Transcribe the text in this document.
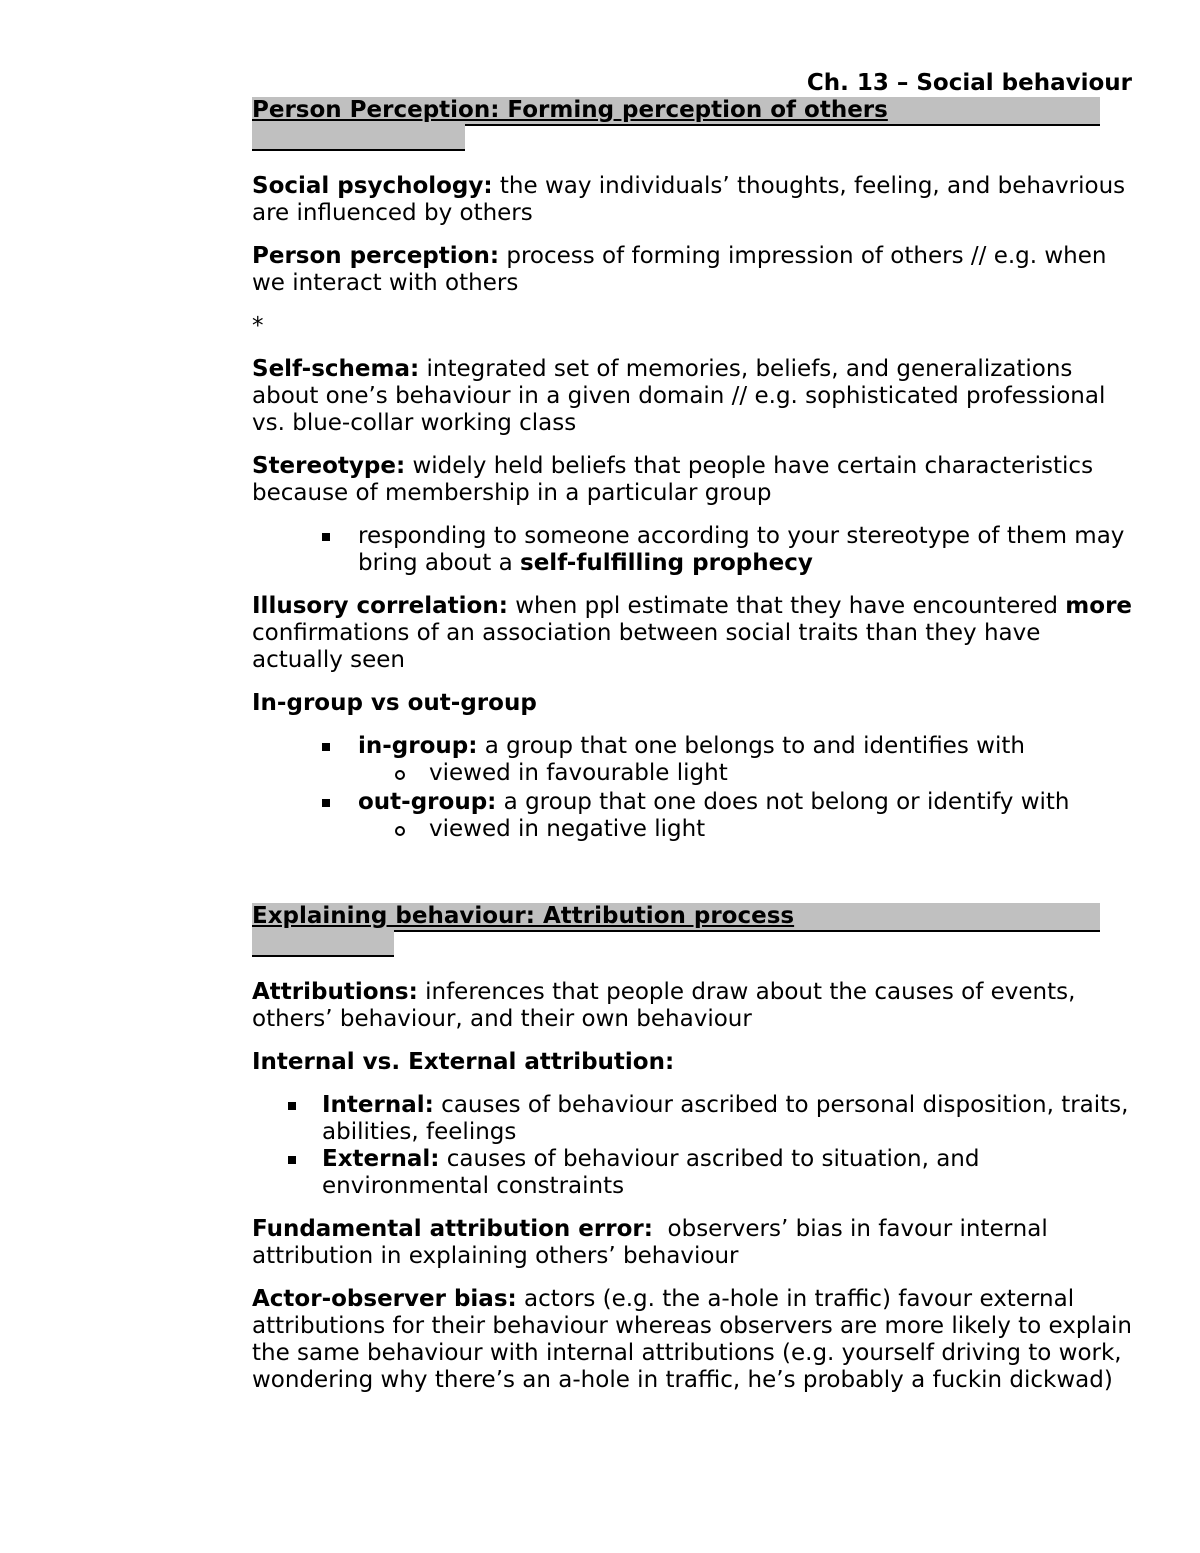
Ch. 13 – Social behaviour
Person Perception: Forming perception of others

Social psychology: the way individuals’ thoughts, feeling, and behavrious are influenced by others

Person perception: process of forming impression of others // e.g. when we interact with others

*

Self-schema: integrated set of memories, beliefs, and generalizations about one’s behaviour in a given domain // e.g. sophisticated professional vs. blue-collar working class

Stereotype: widely held beliefs that people have certain characteristics because of membership in a particular group

responding to someone according to your stereotype of them may bring about a self-fulfilling prophecy

Illusory correlation: when ppl estimate that they have encountered more confirmations of an association between social traits than they have actually seen

In-group vs out-group

in-group: a group that one belongs to and identifies with
viewed in favourable light
out-group: a group that one does not belong or identify with
viewed in negative light
Explaining behaviour: Attribution process

Attributions: inferences that people draw about the causes of events, others’ behaviour, and their own behaviour

Internal vs. External attribution:

Internal: causes of behaviour ascribed to personal disposition, traits, abilities, feelings
External: causes of behaviour ascribed to situation, and environmental constraints

Fundamental attribution error:  observers’ bias in favour internal attribution in explaining others’ behaviour

Actor-observer bias: actors (e.g. the a-hole in traffic) favour external attributions for their behaviour whereas observers are more likely to explain the same behaviour with internal attributions (e.g. yourself driving to work, wondering why there’s an a-hole in traffic, he’s probably a fuckin dickwad)
